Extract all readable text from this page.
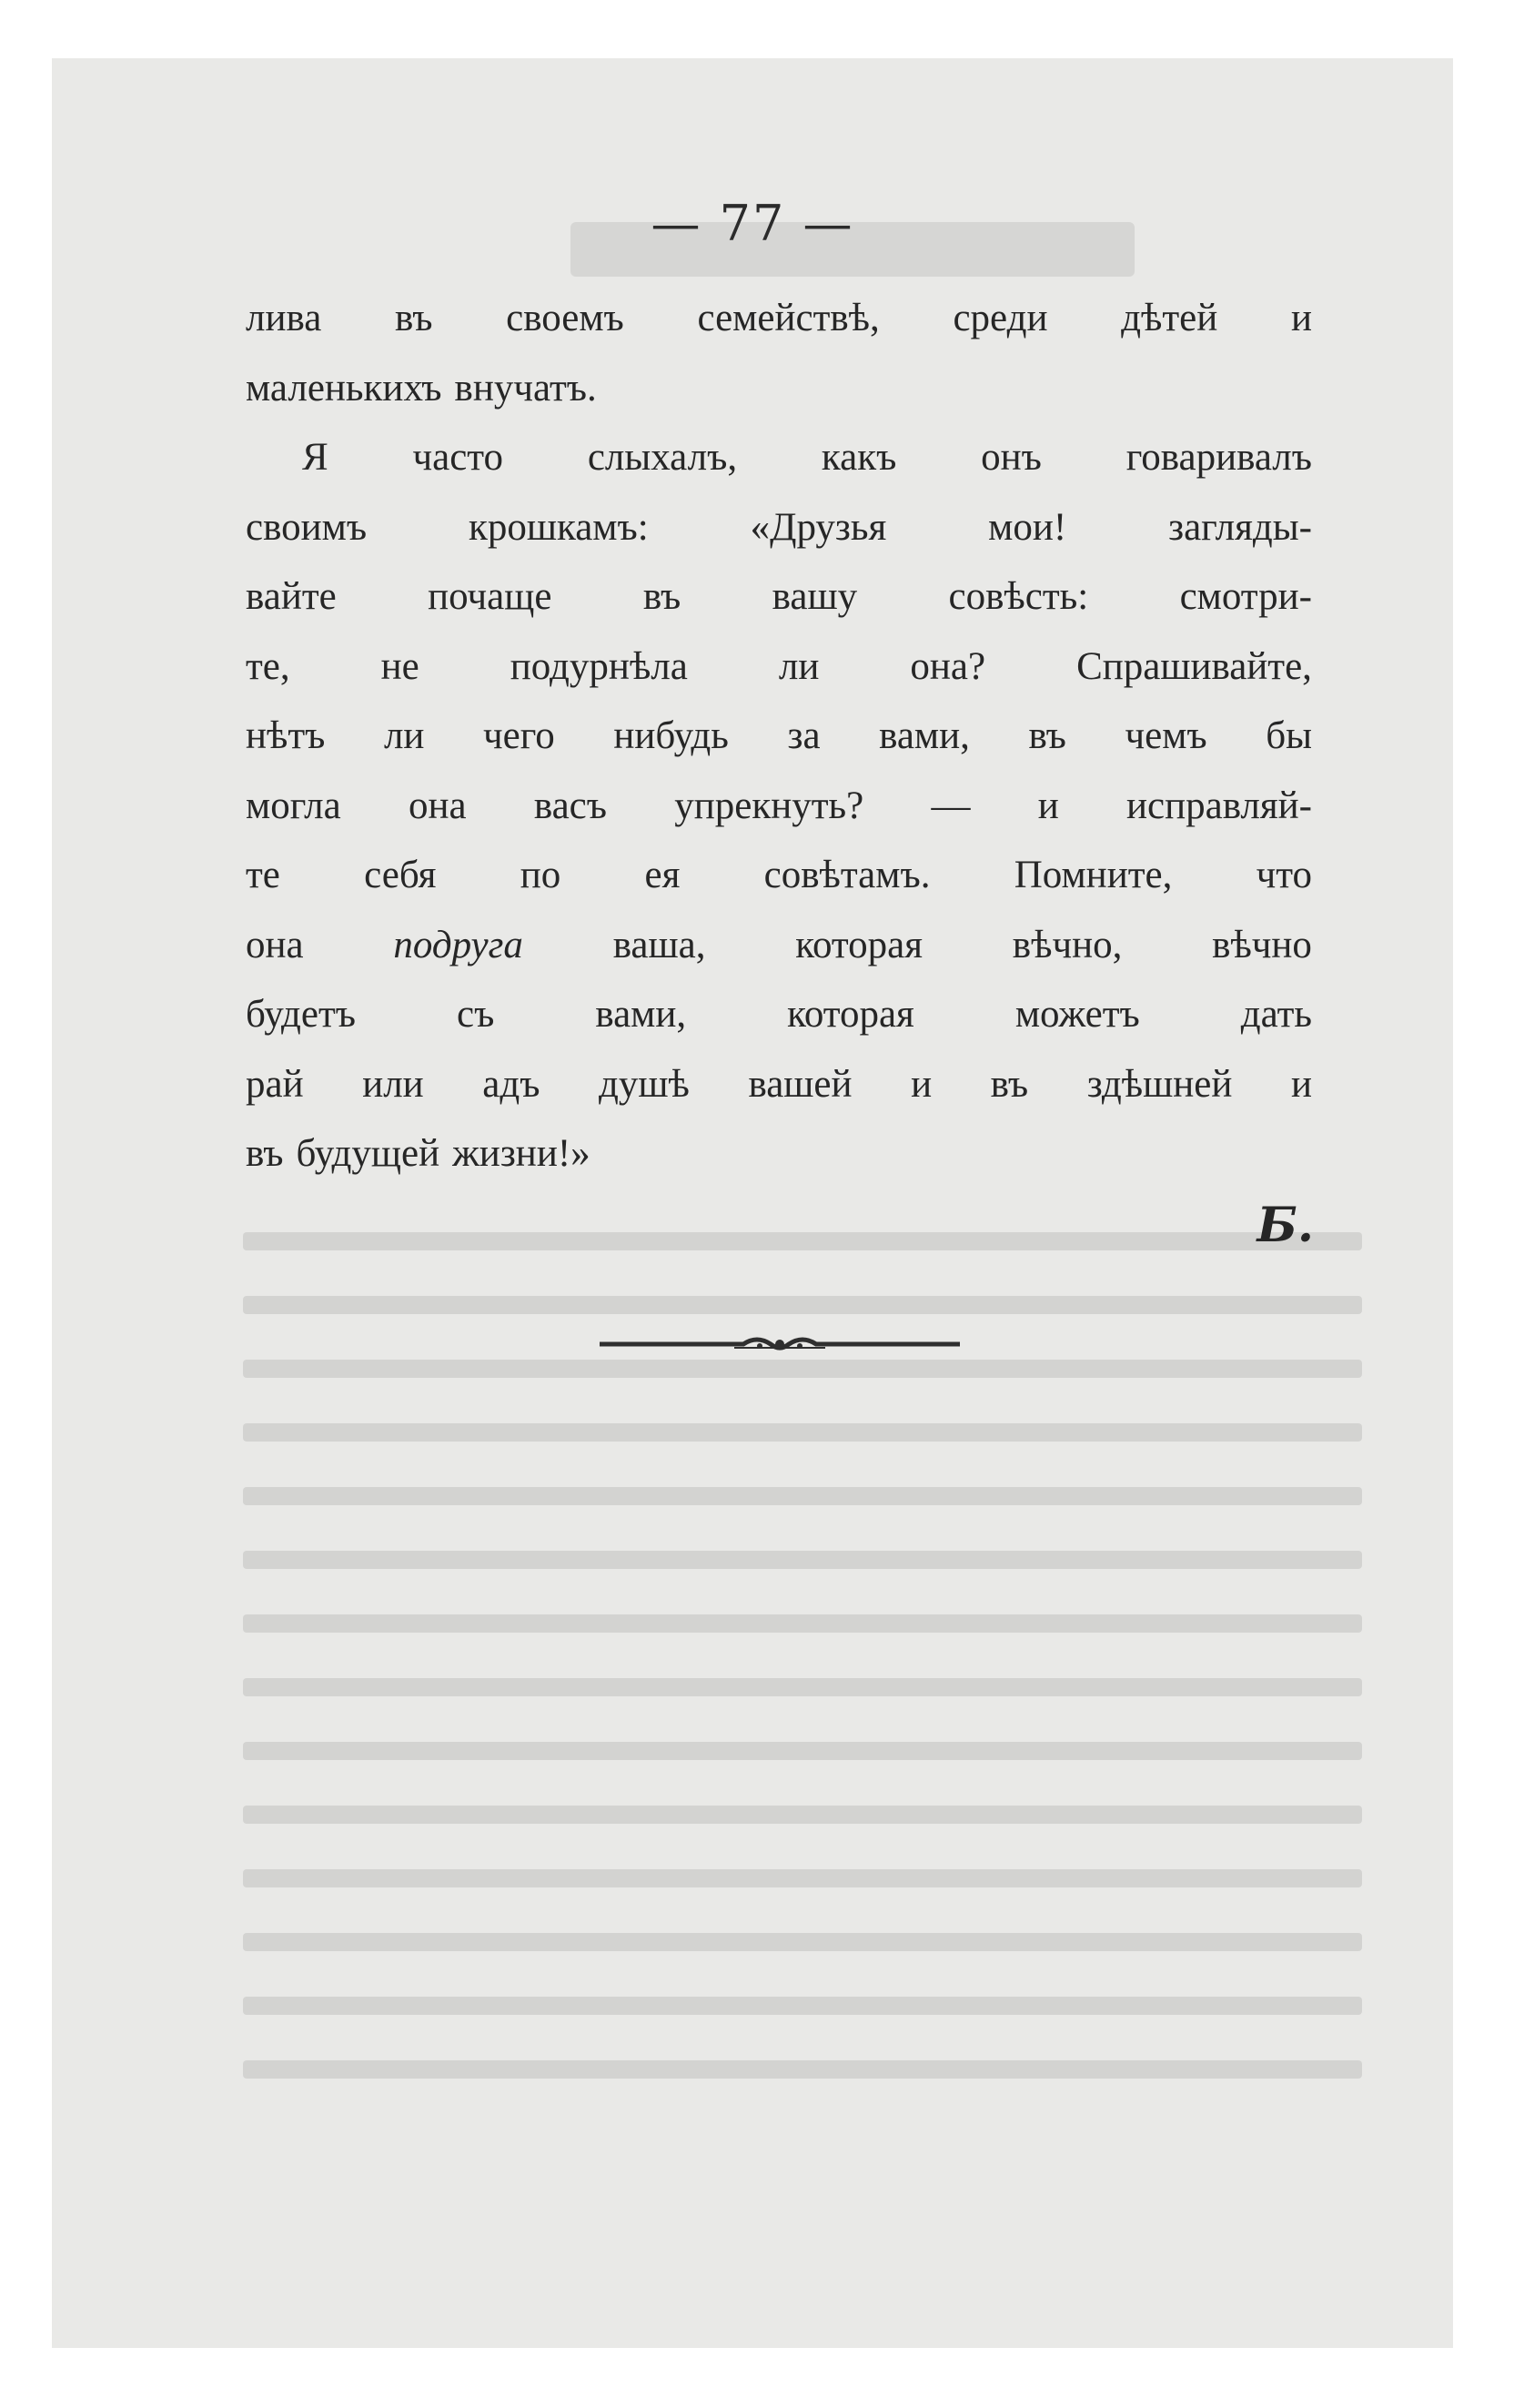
— 77 —
лива въ своемъ семействѣ, среди дѣтей и
маленькихъ внучатъ.
Я часто слыхалъ, какъ онъ говаривалъ
своимъ	крошкамъ:	«Друзья	мои!	загляды-
вайте почаще въ вашу совѣсть: смотри-
те, не подурнѣла ли она? Спрашивайте,
нѣтъ ли чего нибудь за вами, въ чемъ бы
могла она васъ упрекнуть? — и исправляй-
те себя по ея совѣтамъ. Помните, что
она подруга ваша, которая вѣчно, вѣчно
будетъ	съ	вами,	которая	можетъ	дать
рай или адъ душѣ вашей и въ здѣшней и
въ будущей жизни!»
Б.
